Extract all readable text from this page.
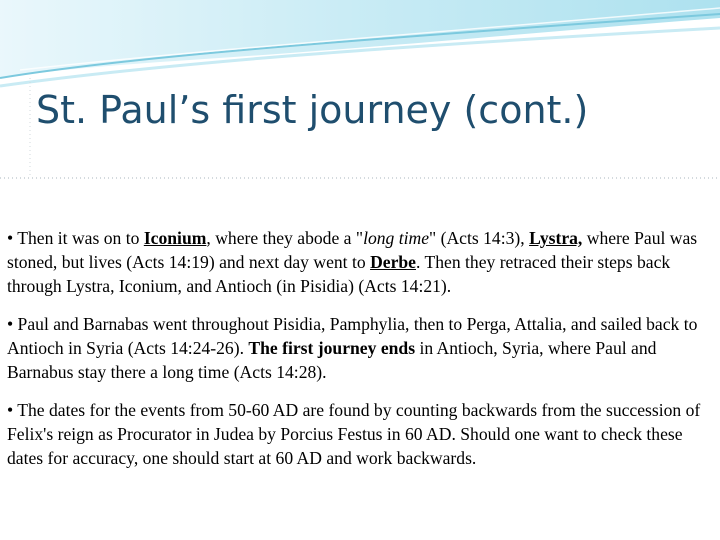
St. Paul’s first journey (cont.)

• Then it was on to Iconium, where they abode a "long time" (Acts 14:3), Lystra, where Paul was stoned, but lives (Acts 14:19) and next day went to Derbe. Then they retraced their steps back through Lystra, Iconium, and Antioch (in Pisidia) (Acts 14:21).

• Paul and Barnabas went throughout Pisidia, Pamphylia, then to Perga, Attalia, and sailed back to Antioch in Syria (Acts 14:24-26). The first journey ends in Antioch, Syria, where Paul and Barnabus stay there a long time (Acts 14:28).

• The dates for the events from 50-60 AD are found by counting backwards from the succession of Felix's reign as Procurator in Judea by Porcius Festus in 60 AD. Should one want to check these dates for accuracy, one should start at 60 AD and work backwards.
